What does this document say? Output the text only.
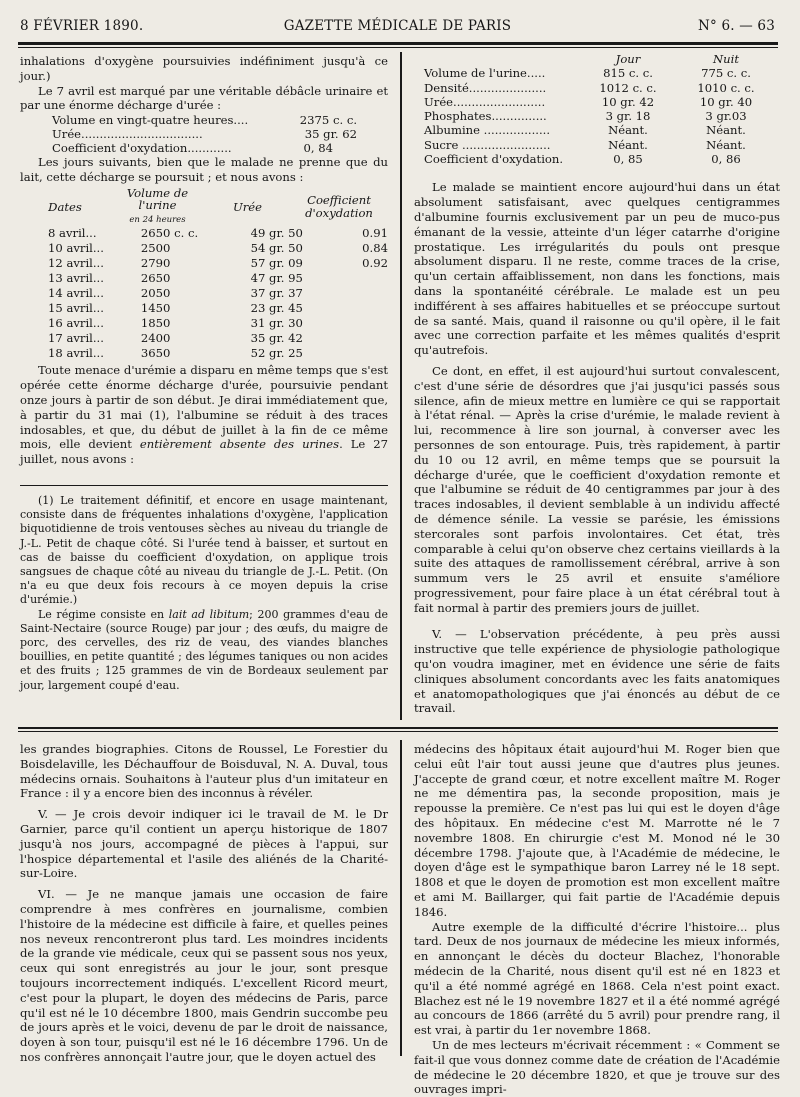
8 FÉVRIER 1890.	GAZETTE MÉDICALE DE PARIS	N° 6. — 63

inhalations d'oxygène poursuivies indéfiniment jusqu'à ce jour.)

Le 7 avril est marqué par une véritable débâcle urinaire et par une énorme décharge d'urée :

Volume en vingt-quatre heures....	2375 c. c.
Urée.................................	35 gr. 62
Coefficient d'oxydation............	0, 84

Les jours suivants, bien que le malade ne prenne que du lait, cette décharge se poursuit ; et nous avons :

Dates	Volume de
l'urine
en 24 heures	Urée	Coefficient
d'oxydation
8 avril...	2650 c. c.	49 gr. 50	0.91
10 avril...	2500	54 gr. 50	0.84
12 avril...	2790	57 gr. 09	0.92
13 avril...	2650	47 gr. 95	
14 avril...	2050	37 gr. 37	
15 avril...	1450	23 gr. 45	
16 avril...	1850	31 gr. 30	
17 avril...	2400	35 gr. 42	
18 avril...	3650	52 gr. 25	

Toute menace d'urémie a disparu en même temps que s'est opérée cette énorme décharge d'urée, poursuivie pendant onze jours à partir de son début. Je dirai immédiatement que, à partir du 31 mai (1), l'albumine se réduit à des traces indosables, et que, du début de juillet à la fin de ce même mois, elle devient entièrement absente des urines. Le 27 juillet, nous avons :

(1) Le traitement définitif, et encore en usage maintenant, consiste dans de fréquentes inhalations d'oxygène, l'application biquotidienne de trois ventouses sèches au niveau du triangle de J.-L. Petit de chaque côté. Si l'urée tend à baisser, et surtout en cas de baisse du coefficient d'oxydation, on applique trois sangsues de chaque côté au niveau du triangle de J.-L. Petit. (On n'a eu que deux fois recours à ce moyen depuis la crise d'urémie.)

Le régime consiste en lait ad libitum; 200 grammes d'eau de Saint-Nectaire (source Rouge) par jour ; des œufs, du maigre de porc, des cervelles, des riz de veau, des viandes blanches bouillies, en petite quantité ; des légumes taniques ou non acides et des fruits ; 125 grammes de vin de Bordeaux seulement par jour, largement coupé d'eau.

	Jour	Nuit
Volume de l'urine.....	815 c. c.	775 c. c.
Densité.....................	1012 c. c.	1010 c. c.
Urée.........................	10 gr. 42	10 gr. 40
Phosphates...............	3 gr. 18	3 gr.03
Albumine ..................	Néant.	Néant.
Sucre ........................	Néant.	Néant.
Coefficient d'oxydation.	0, 85	0, 86

Le malade se maintient encore aujourd'hui dans un état absolument satisfaisant, avec quelques centigrammes d'albumine fournis exclusivement par un peu de muco-pus émanant de la vessie, atteinte d'un léger catarrhe d'origine prostatique. Les irrégularités du pouls ont presque absolument disparu. Il ne reste, comme traces de la crise, qu'un certain affaiblissement, non dans les fonctions, mais dans la spontanéité cérébrale. Le malade est un peu indifférent à ses affaires habituelles et se préoccupe surtout de sa santé. Mais, quand il raisonne ou qu'il opère, il le fait avec une correction parfaite et les mêmes qualités d'esprit qu'autrefois.

Ce dont, en effet, il est aujourd'hui surtout convalescent, c'est d'une série de désordres que j'ai jusqu'ici passés sous silence, afin de mieux mettre en lumière ce qui se rapportait à l'état rénal. — Après la crise d'urémie, le malade revient à lui, recommence à lire son journal, à converser avec les personnes de son entourage. Puis, très rapidement, à partir du 10 ou 12 avril, en même temps que se poursuit la décharge d'urée, que le coefficient d'oxydation remonte et que l'albumine se réduit de 40 centigrammes par jour à des traces indosables, il devient semblable à un individu affecté de démence sénile. La vessie se parésie, les émissions stercorales sont parfois involontaires. Cet état, très comparable à celui qu'on observe chez certains vieillards à la suite des attaques de ramollissement cérébral, arrive à son summum vers le 25 avril et ensuite s'améliore progressivement, pour faire place à un état cérébral tout à fait normal à partir des premiers jours de juillet.

V. — L'observation précédente, à peu près aussi instructive que telle expérience de physiologie pathologique qu'on voudra imaginer, met en évidence une série de faits cliniques absolument concordants avec les faits anatomiques et anatomopathologiques que j'ai énoncés au début de ce travail.

les grandes biographies. Citons de Roussel, Le Forestier du Boisdelaville, les Déchauffour de Boisduval, N. A. Duval, tous médecins ornais. Souhaitons à l'auteur plus d'un imitateur en France : il y a encore bien des inconnus à révéler.

V. — Je crois devoir indiquer ici le travail de M. le Dr Garnier, parce qu'il contient un aperçu historique de 1807 jusqu'à nos jours, accompagné de pièces à l'appui, sur l'hospice départemental et l'asile des aliénés de la Charité-sur-Loire.

VI. — Je ne manque jamais une occasion de faire comprendre à mes confrères en journalisme, combien l'histoire de la médecine est difficile à faire, et quelles peines nos neveux rencontreront plus tard. Les moindres incidents de la grande vie médicale, ceux qui se passent sous nos yeux, ceux qui sont enregistrés au jour le jour, sont presque toujours incorrectement indiqués. L'excellent Ricord meurt, c'est pour la plupart, le doyen des médecins de Paris, parce qu'il est né le 10 décembre 1800, mais Gendrin succombe peu de jours après et le voici, devenu de par le droit de naissance, doyen à son tour, puisqu'il est né le 16 décembre 1796. Un de nos confrères annonçait l'autre jour, que le doyen actuel des

médecins des hôpitaux était aujourd'hui M. Roger bien que celui eût l'air tout aussi jeune que d'autres plus jeunes. J'accepte de grand cœur, et notre excellent maître M. Roger ne me démentira pas, la seconde proposition, mais je repousse la première. Ce n'est pas lui qui est le doyen d'âge des hôpitaux. En médecine c'est M. Marrotte né le 7 novembre 1808. En chirurgie c'est M. Monod né le 30 décembre 1798. J'ajoute que, à l'Académie de médecine, le doyen d'âge est le sympathique baron Larrey né le 18 sept. 1808 et que le doyen de promotion est mon excellent maître et ami M. Baillarger, qui fait partie de l'Académie depuis 1846.

Autre exemple de la difficulté d'écrire l'histoire... plus tard. Deux de nos journaux de médecine les mieux informés, en annonçant le décès du docteur Blachez, l'honorable médecin de la Charité, nous disent qu'il est né en 1823 et qu'il a été nommé agrégé en 1868. Cela n'est point exact. Blachez est né le 19 novembre 1827 et il a été nommé agrégé au concours de 1866 (arrêté du 5 avril) pour prendre rang, il est vrai, à partir du 1er novembre 1868.

Un de mes lecteurs m'écrivait récemment : « Comment se fait-il que vous donnez comme date de création de l'Académie de médecine le 20 décembre 1820, et que je trouve sur des ouvrages impri-
